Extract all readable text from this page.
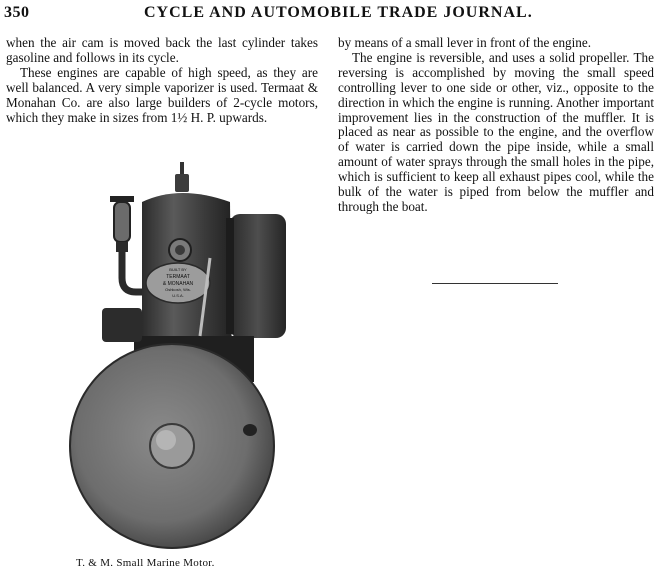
350	CYCLE AND AUTOMOBILE TRADE JOURNAL.

when the air cam is moved back the last cylinder takes gasoline and follows in its cycle.

These engines are capable of high speed, as they are well balanced. A very simple vaporizer is used. Termaat & Monahan Co. are also large builders of 2-cycle motors, which they make in sizes from 1½ H. P. upwards.

by means of a small lever in front of the engine.

The engine is reversible, and uses a solid propeller. The reversing is accomplished by moving the small speed controlling lever to one side or other, viz., opposite to the direction in which the engine is running. Another important improvement lies in the construction of the muffler. It is placed as near as possible to the engine, and the overflow of water is carried down the pipe inside, while a small amount of water sprays through the small holes in the pipe, which is sufficient to keep all exhaust pipes cool, while the bulk of the water is piped from below the muffler and through the boat.

BUILT BY
TERMAAT
& MONAHAN
Oshkosh, Wis.
U.S.A.
T. & M. Small Marine Motor.
